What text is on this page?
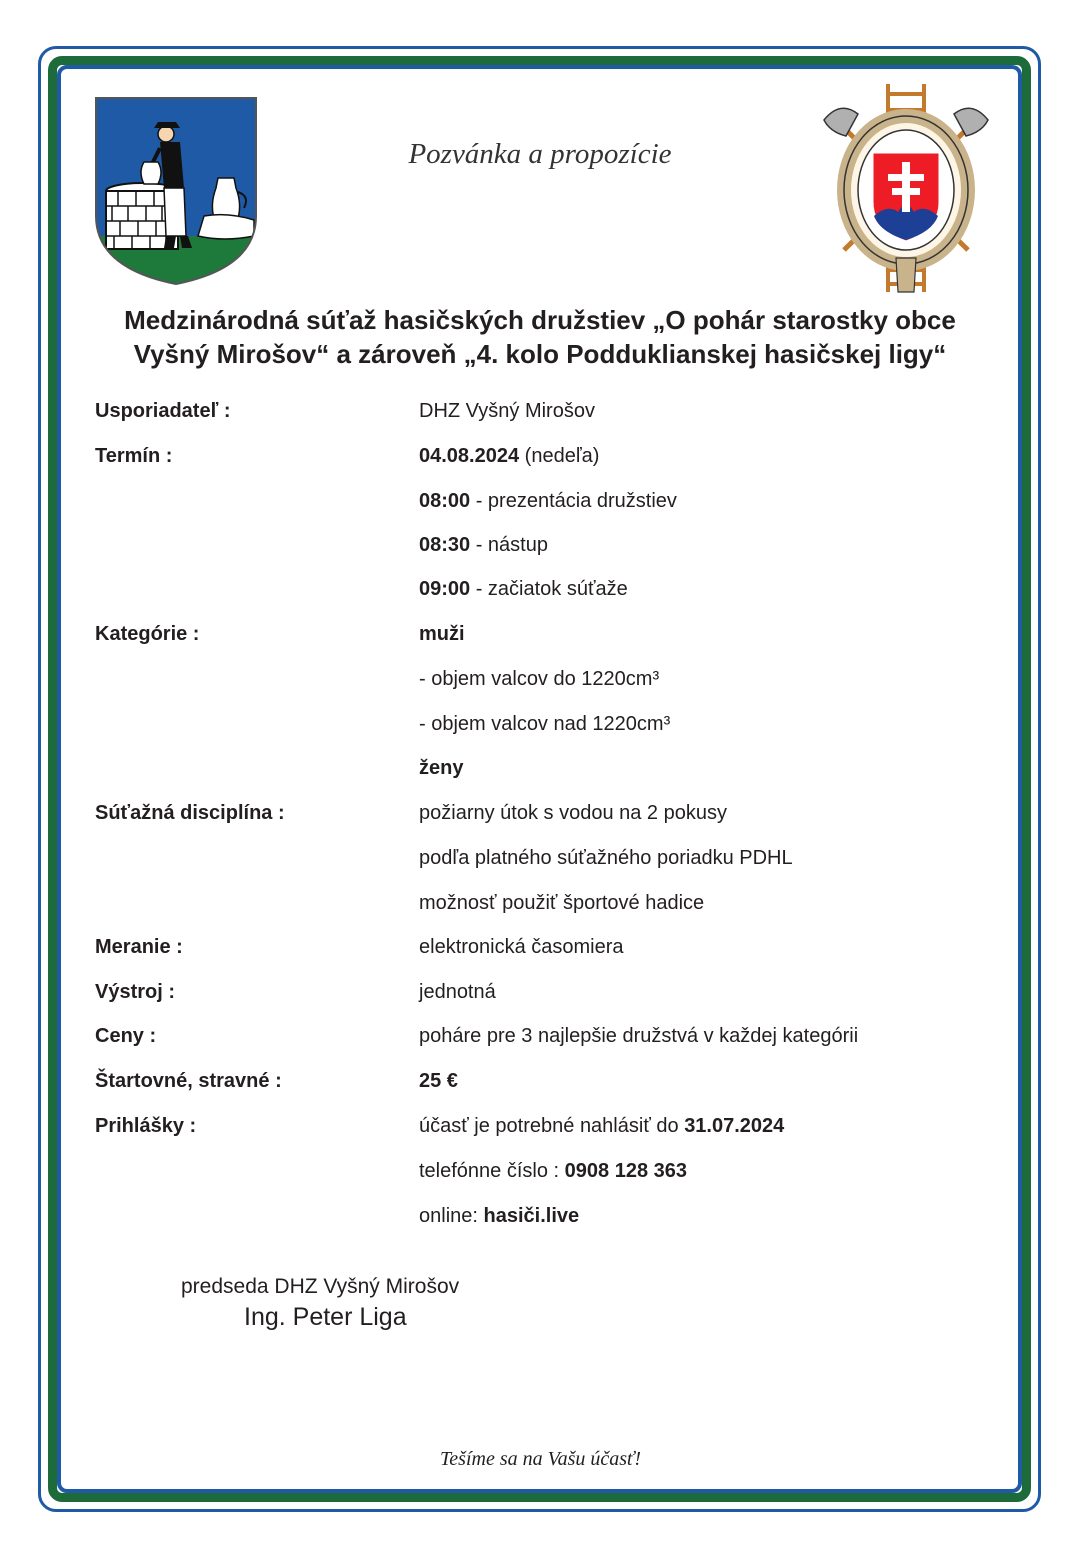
Pozvánka a propozície
Medzinárodná súťaž hasičských družstiev „O pohár starostky obce
Vyšný Mirošov“ a zároveň „4. kolo Podduklianskej hasičskej ligy“
Usporiadateľ :	DHZ Vyšný Mirošov
Termín :	04.08.2024 (nedeľa)
08:00 - prezentácia družstiev
08:30 - nástup
09:00 - začiatok súťaže
Kategórie :	muži
- objem valcov do 1220cm³
- objem valcov nad 1220cm³
ženy
Súťažná disciplína :	požiarny útok s vodou na 2 pokusy
podľa platného súťažného poriadku PDHL
možnosť použiť športové hadice
Meranie :	elektronická časomiera
Výstroj :	jednotná
Ceny :	poháre pre 3 najlepšie družstvá v každej kategórii
Štartovné, stravné :	25 €
Prihlášky :	účasť je potrebné nahlásiť do 31.07.2024
telefónne číslo : 0908 128 363
online: hasiči.live
predseda DHZ Vyšný Mirošov
Ing. Peter Liga
Tešíme sa na Vašu účasť!
